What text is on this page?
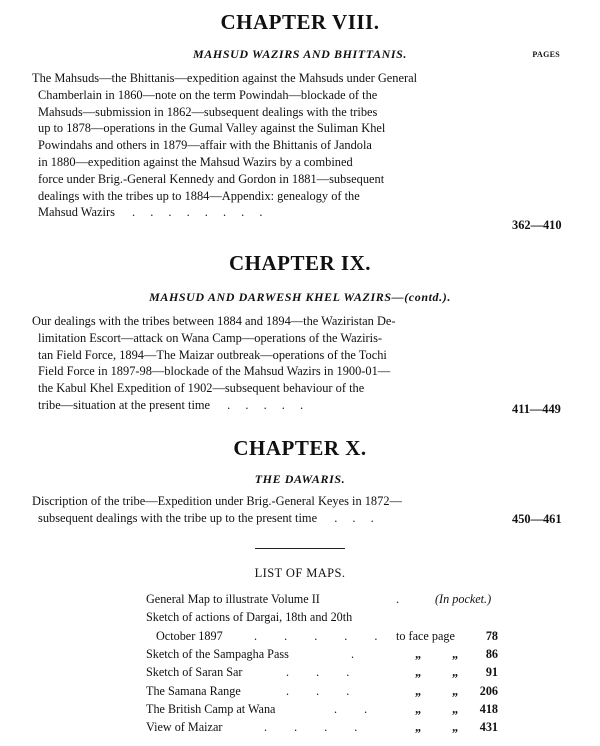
CHAPTER VIII.
MAHSUD WAZIRS AND BHITTANIS.	PAGES
The Mahsuds—the Bhittanis—expedition against the Mahsuds under General
Chamberlain in 1860—note on the term Powindah—blockade of the
Mahsuds—submission in 1862—subsequent dealings with the tribes
up to 1878—operations in the Gumal Valley against the Suliman Khel
Powindahs and others in 1879—affair with the Bhittanis of Jandola
in 1880—expedition against the Mahsud Wazirs by a combined
force under Brig.-General Kennedy and Gordon in 1881—subsequent
dealings with the tribes up to 1884—Appendix: genealogy of the
Mahsud Wazirs . . . . . . . .
362—410
CHAPTER IX.
MAHSUD AND DARWESH KHEL WAZIRS—(contd.).
Our dealings with the tribes between 1884 and 1894—the Waziristan De-
limitation Escort—attack on Wana Camp—operations of the Waziris-
tan Field Force, 1894—The Maizar outbreak—operations of the Tochi
Field Force in 1897-98—blockade of the Mahsud Wazirs in 1900-01—
the Kabul Khel Expedition of 1902—subsequent behaviour of the
tribe—situation at the present time . . . . .	411—449
CHAPTER X.
THE DAWARIS.
Discription of the tribe—Expedition under Brig.-General Keyes in 1872—
subsequent dealings with the tribe up to the present time . . .	450—461
LIST OF MAPS.
General Map to illustrate Volume II	. (In pocket.)
Sketch of actions of Dargai, 18th and 20th
October 1897	. . . . . to face page	78
Sketch of the Sampagha Pass	.	„	„ 86
Sketch of Saran Sar	. . .	„	„ 91
The Samana Range	. . .	„	„ 206
The British Camp at Wana	. .	„	„ 418
View of Maizar	. . . .	„	„ 431
